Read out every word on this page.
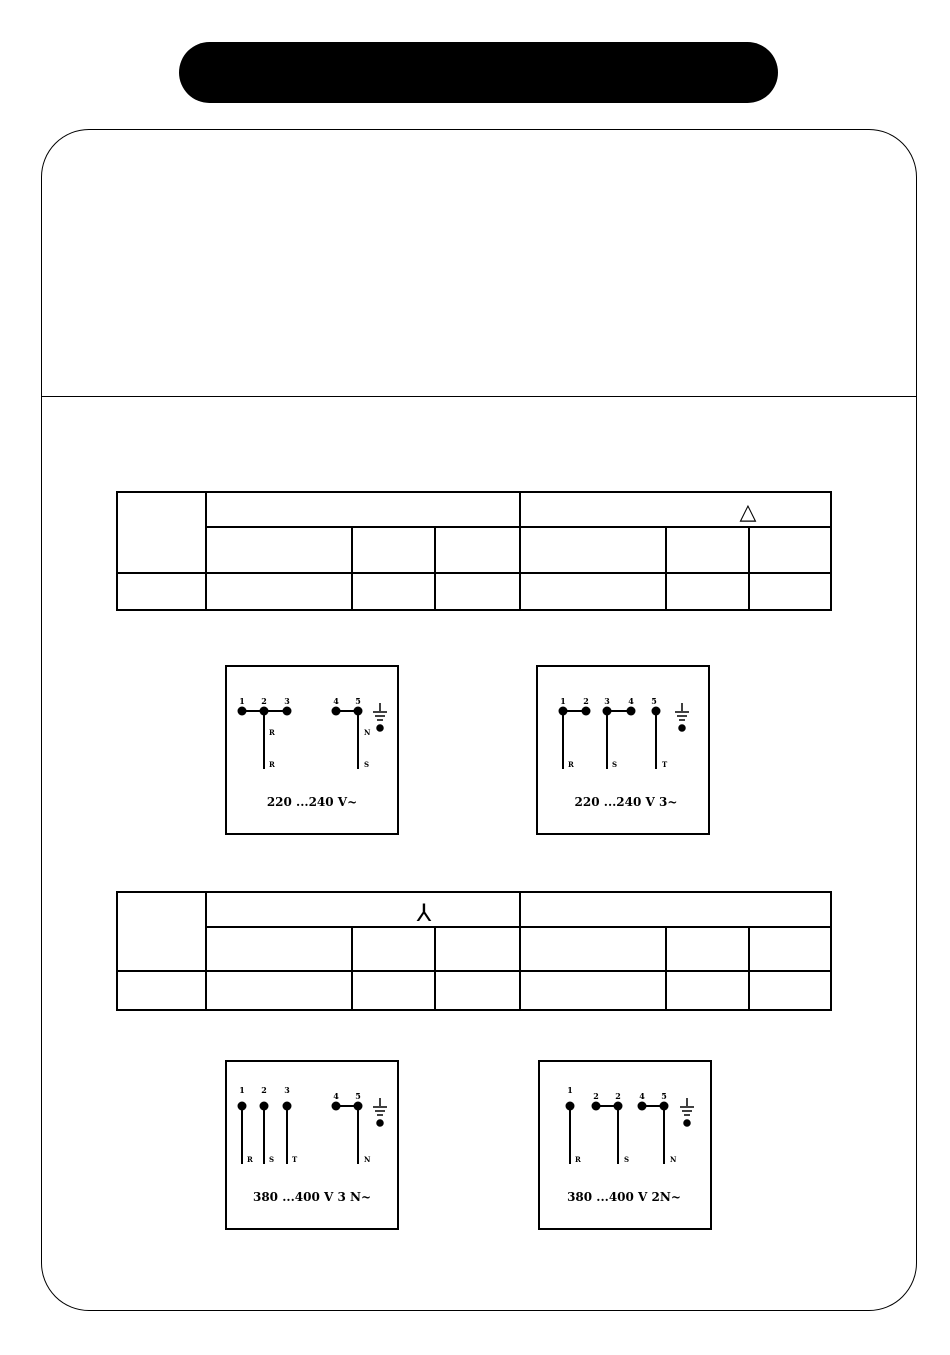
△
⅄
1 2 3	4 5
R
R
N
S
220 ...240 V~
1 2 3 4 5
R	S	T
220 ...240 V 3~
1 2 3
4 5
R S	T	N
380 ...400 V 3 N~
1
2 2 4 5
R	S	N
380 ...400 V 2N~
